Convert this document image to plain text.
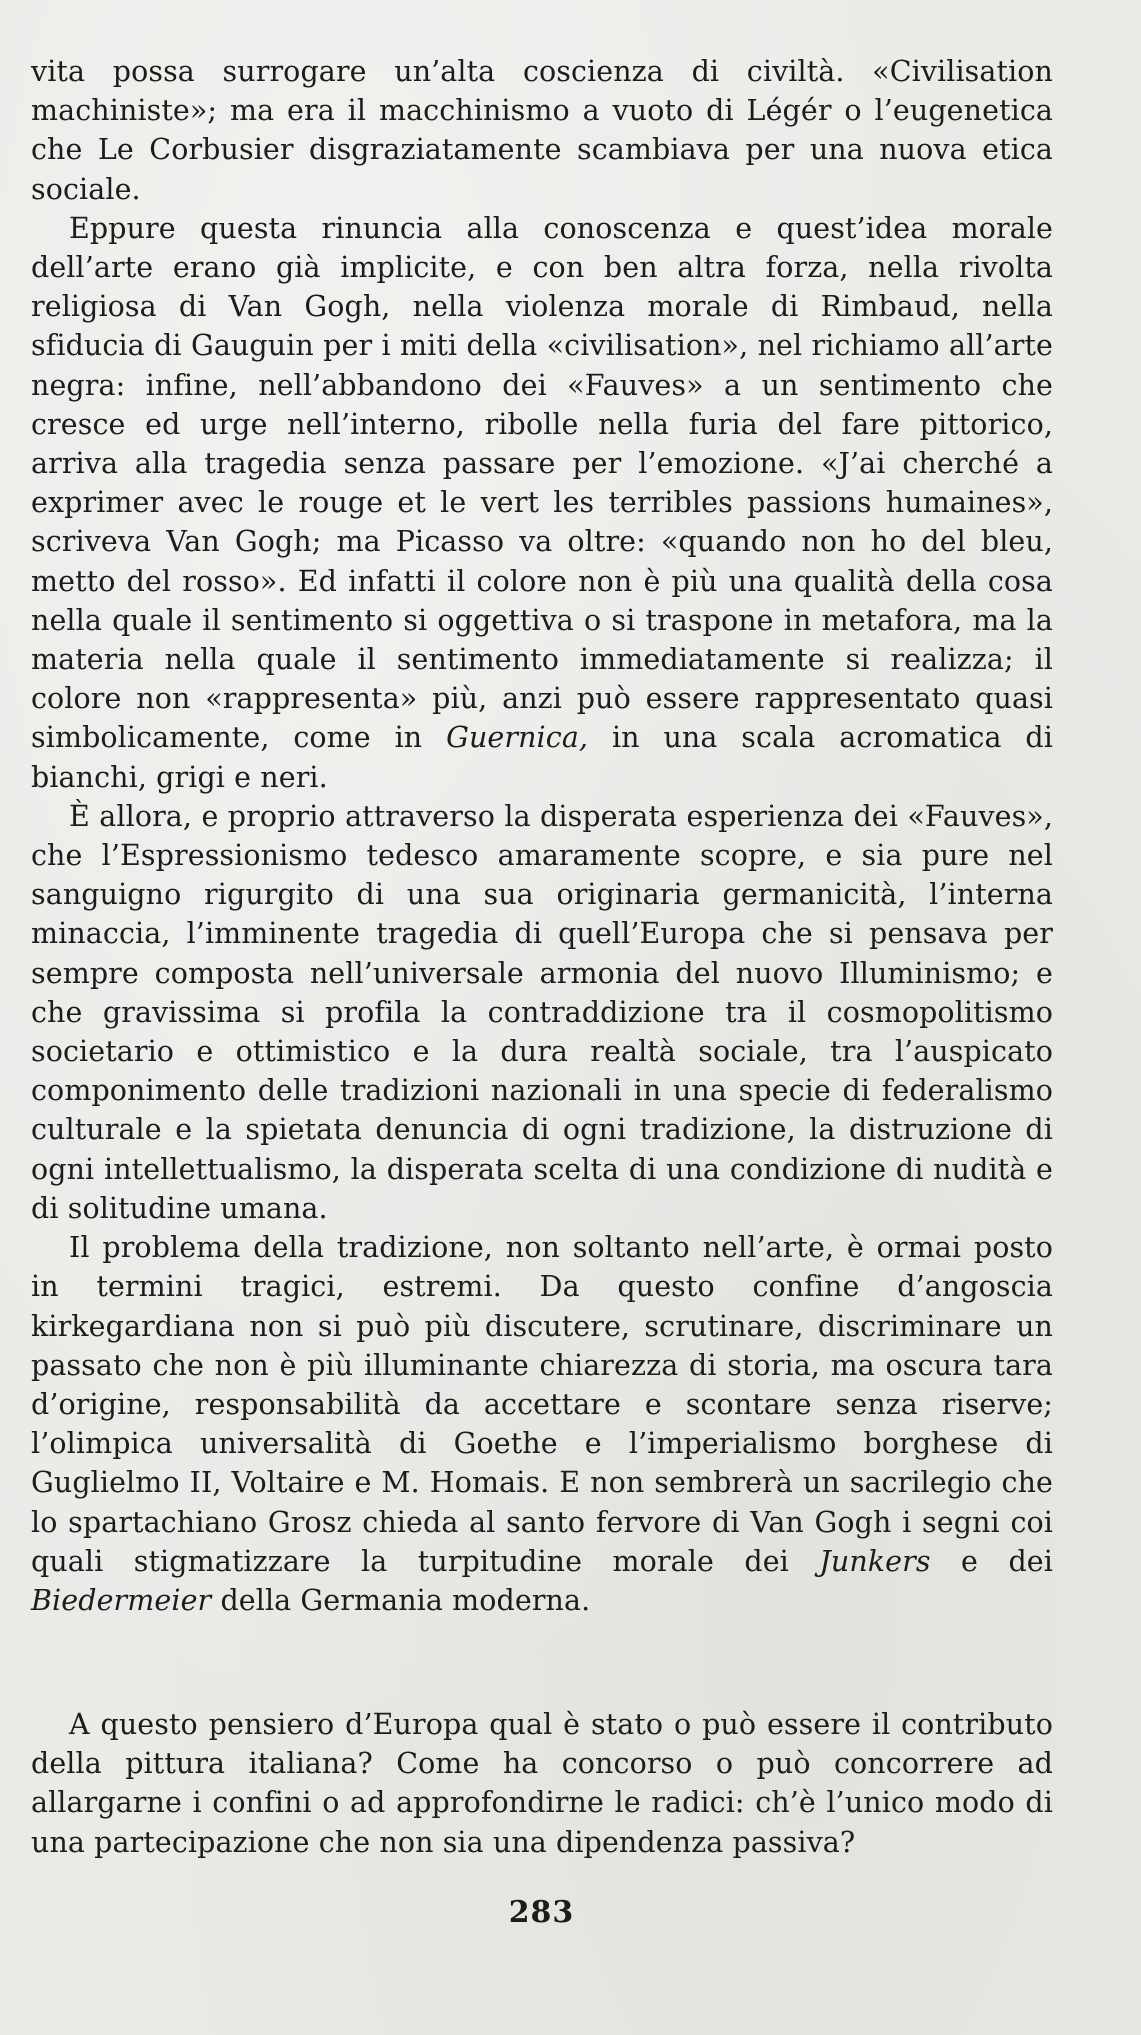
vita possa surrogare un’alta coscienza di civiltà. «Civilisation machiniste»; ma era il macchinismo a vuoto di Légér o l’eugenetica che Le Corbusier disgraziatamente scambiava per una nuova etica sociale.

Eppure questa rinuncia alla conoscenza e quest’idea morale dell’arte erano già implicite, e con ben altra forza, nella rivolta religiosa di Van Gogh, nella violenza morale di Rimbaud, nella sfiducia di Gauguin per i miti della «civilisation», nel richiamo all’arte negra: infine, nell’abbandono dei «Fauves» a un sentimento che cresce ed urge nell’interno, ribolle nella furia del fare pittorico, arriva alla tragedia senza passare per l’emozione. «J’ai cherché a exprimer avec le rouge et le vert les terribles passions humaines», scriveva Van Gogh; ma Picasso va oltre: «quando non ho del bleu, metto del rosso». Ed infatti il colore non è più una qualità della cosa nella quale il sentimento si oggettiva o si traspone in metafora, ma la materia nella quale il sentimento immediatamente si realizza; il colore non «rappresenta» più, anzi può essere rappresentato quasi simbolicamente, come in Guernica, in una scala acromatica di bianchi, grigi e neri.

È allora, e proprio attraverso la disperata esperienza dei «Fauves», che l’Espressionismo tedesco amaramente scopre, e sia pure nel sanguigno rigurgito di una sua originaria germanicità, l’interna minaccia, l’imminente tragedia di quell’Europa che si pensava per sempre composta nell’universale armonia del nuovo Illuminismo; e che gravissima si profila la contraddizione tra il cosmopolitismo societario e ottimistico e la dura realtà sociale, tra l’auspicato componimento delle tradizioni nazionali in una specie di federalismo culturale e la spietata denuncia di ogni tradizione, la distruzione di ogni intellettualismo, la disperata scelta di una condizione di nudità e di solitudine umana.

Il problema della tradizione, non soltanto nell’arte, è ormai posto in termini tragici, estremi. Da questo confine d’angoscia kirkegardiana non si può più discutere, scrutinare, discriminare un passato che non è più illuminante chiarezza di storia, ma oscura tara d’origine, responsabilità da accettare e scontare senza riserve; l’olimpica universalità di Goethe e l’imperialismo borghese di Guglielmo II, Voltaire e M. Homais. E non sembrerà un sacrilegio che lo spartachiano Grosz chieda al santo fervore di Van Gogh i segni coi quali stigmatizzare la turpitudine morale dei Junkers e dei Biedermeier della Germania moderna.

A questo pensiero d’Europa qual è stato o può essere il contributo della pittura italiana? Come ha concorso o può concorrere ad allargarne i confini o ad approfondirne le radici: ch’è l’unico modo di una partecipazione che non sia una dipendenza passiva?

283
